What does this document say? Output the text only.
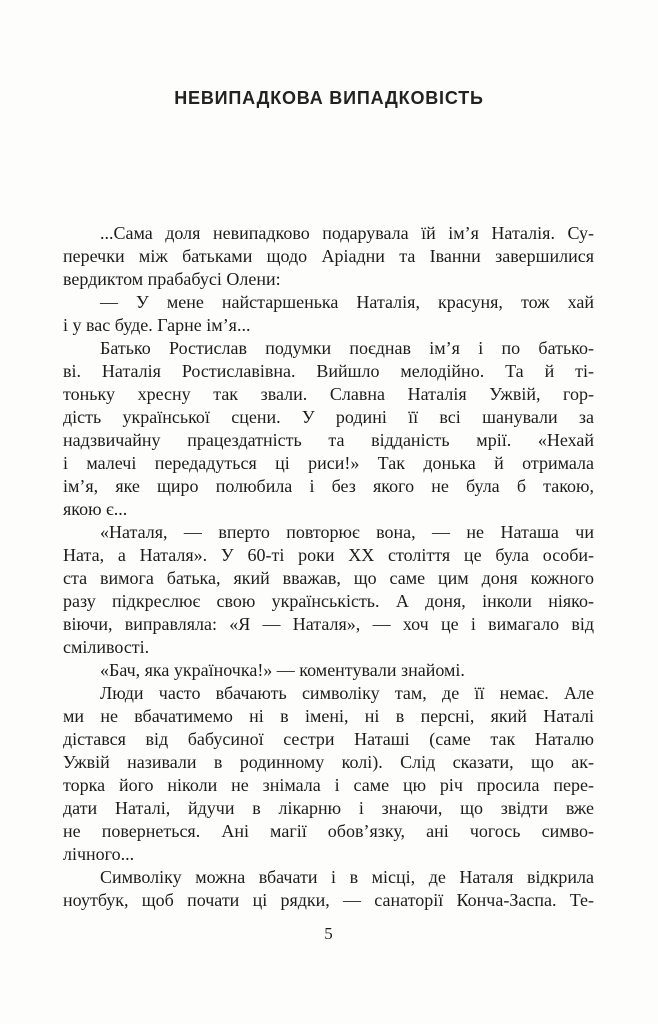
НЕВИПАДКОВА ВИПАДКОВІСТЬ
...Сама доля невипадково подарувала їй ім’я Наталія. Су-
перечки між батьками щодо Аріадни та Іванни завершилися
вердиктом прабабусі Олени:
— У мене найстаршенька Наталія, красуня, тож хай
і у вас буде. Гарне ім’я...
Батько Ростислав подумки поєднав ім’я і по батько-
ві. Наталія Ростиславівна. Вийшло мелодійно. Та й ті-
тоньку хресну так звали. Славна Наталія Ужвій, гор-
дість української сцени. У родині її всі шанували за
надзвичайну працездатність та відданість мрії. «Нехай
і малечі передадуться ці риси!» Так донька й отримала
ім’я, яке щиро полюбила і без якого не була б такою,
якою є...
«Наталя, — вперто повторює вона, — не Наташа чи
Ната, а Наталя». У 60-ті роки ХХ століття це була особи-
ста вимога батька, який вважав, що саме цим доня кожного
разу підкреслює свою українськість. А доня, інколи ніяко-
віючи, виправляла: «Я — Наталя», — хоч це і вимагало від
сміливості.
«Бач, яка україночка!» — коментували знайомі.
Люди часто вбачають символіку там, де її немає. Але
ми не вбачатимемо ні в імені, ні в персні, який Наталі
дістався від бабусиної сестри Наташі (саме так Наталю
Ужвій називали в родинному колі). Слід сказати, що ак-
торка його ніколи не знімала і саме цю річ просила пере-
дати Наталі, йдучи в лікарню і знаючи, що звідти вже
не повернеться. Ані магії обов’язку, ані чогось симво-
лічного...
Символіку можна вбачати і в місці, де Наталя відкрила
ноутбук, щоб почати ці рядки, — санаторії Конча-Заспа. Те-
5
